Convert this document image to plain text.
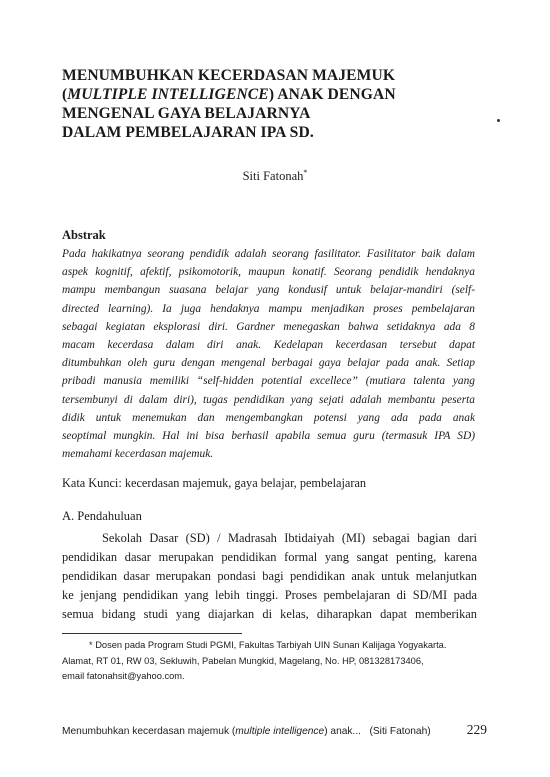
MENUMBUHKAN KECERDASAN MAJEMUK
(MULTIPLE INTELLIGENCE) ANAK DENGAN
MENGENAL GAYA BELAJARNYA
DALAM PEMBELAJARAN IPA SD.
Siti Fatonah*
Abstrak
Pada hakikatnya seorang pendidik adalah seorang fasilitator. Fasilitator baik dalam
aspek kognitif, afektif, psikomotorik, maupun konatif. Seorang pendidik hendaknya
mampu membangun suasana belajar yang kondusif untuk belajar-mandiri (self-
directed learning). Ia juga hendaknya mampu menjadikan proses pembelajaran
sebagai kegiatan eksplorasi diri. Gardner menegaskan bahwa setidaknya ada 8
macam kecerdasa dalam diri anak. Kedelapan kecerdasan tersebut dapat
ditumbuhkan oleh guru dengan mengenal berbagai gaya belajar pada anak. Setiap
pribadi manusia memiliki “self-hidden potential excellece” (mutiara talenta yang
tersembunyi di dalam diri), tugas pendidikan yang sejati adalah membantu peserta
didik untuk menemukan dan mengembangkan potensi yang ada pada anak
seoptimal mungkin. Hal ini bisa berhasil apabila semua guru (termasuk IPA SD)
memahami kecerdasan majemuk.
Kata Kunci: kecerdasan majemuk, gaya belajar, pembelajaran
A. Pendahuluan
Sekolah Dasar (SD) / Madrasah Ibtidaiyah (MI) sebagai bagian dari
pendidikan dasar merupakan pendidikan formal yang sangat penting, karena
pendidikan dasar merupakan pondasi bagi pendidikan anak untuk melanjutkan
ke jenjang pendidikan yang lebih tinggi. Proses pembelajaran di SD/MI pada
semua bidang studi yang diajarkan di kelas, diharapkan dapat memberikan
* Dosen pada Program Studi PGMI, Fakultas Tarbiyah UIN Sunan Kalijaga Yogyakarta.
Alamat, RT 01, RW 03, Sekluwih, Pabelan Mungkid, Magelang, No. HP, 081328173406,
email fatonahsit@yahoo.com.
Menumbuhkan kecerdasan majemuk (multiple intelligence) anak...   (Siti Fatonah)	229
